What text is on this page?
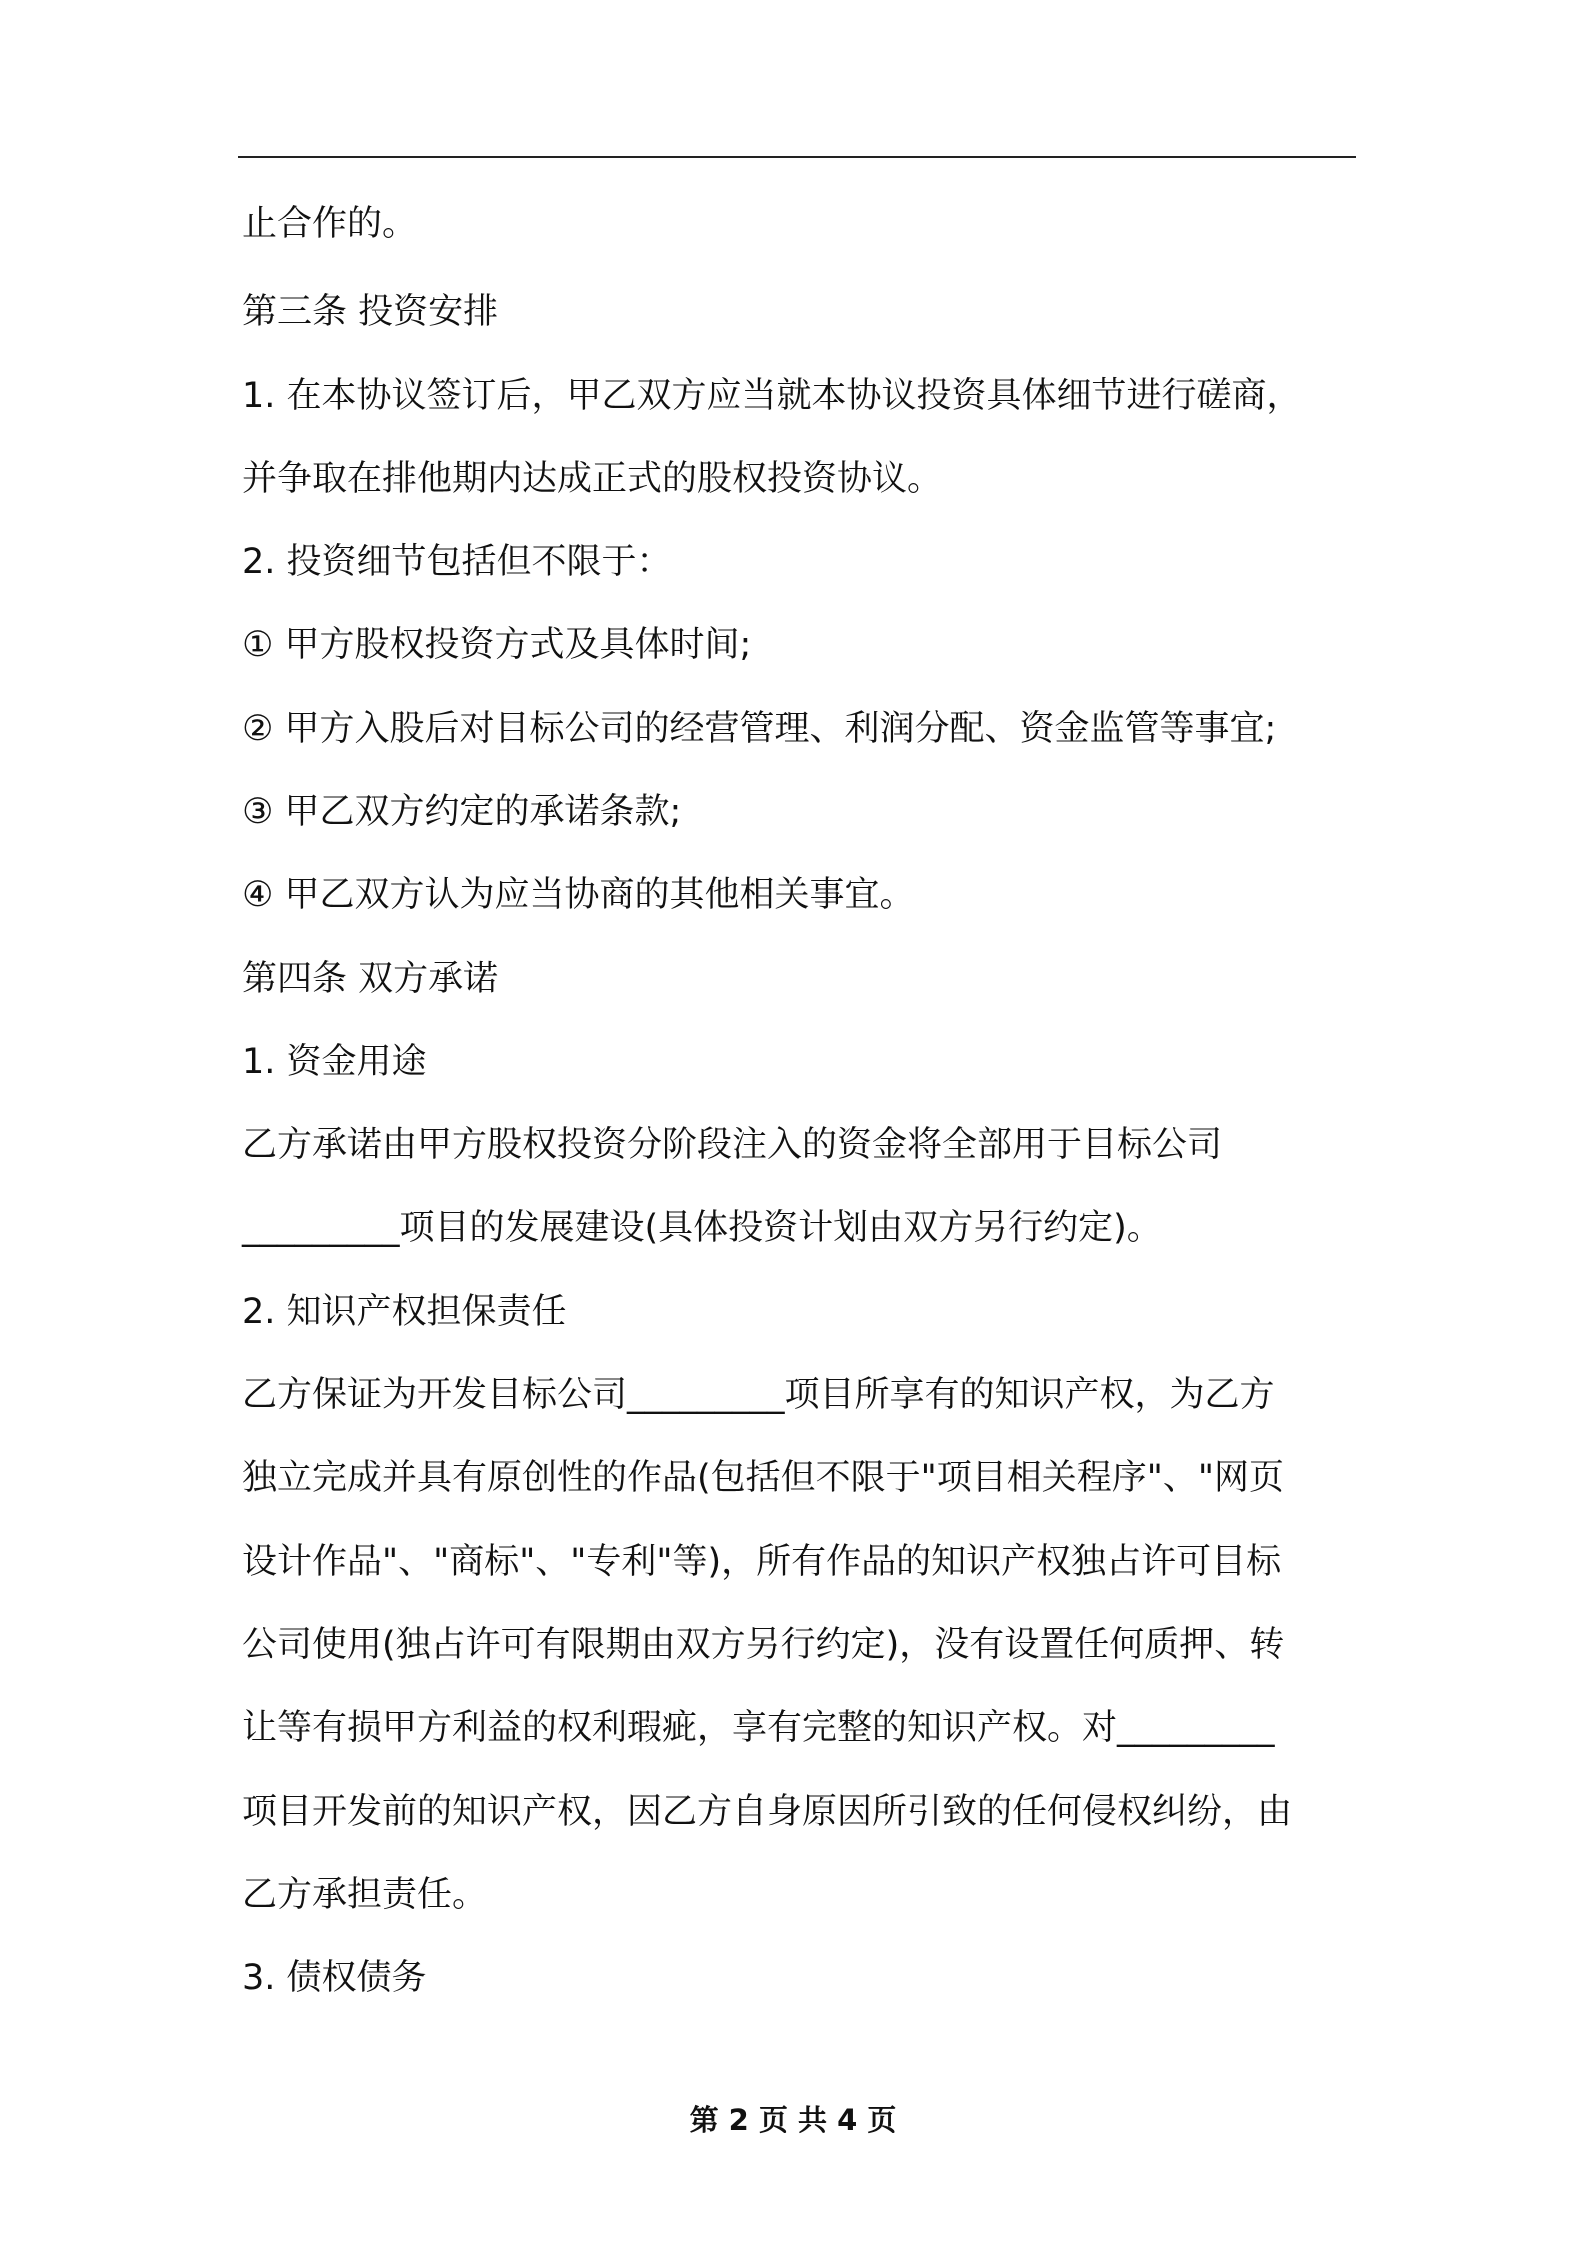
止合作的。
第三条 投资安排
1. 在本协议签订后，甲乙双方应当就本协议投资具体细节进行磋商，
并争取在排他期内达成正式的股权投资协议。
2. 投资细节包括但不限于：
① 甲方股权投资方式及具体时间;
② 甲方入股后对目标公司的经营管理、利润分配、资金监管等事宜;
③ 甲乙双方约定的承诺条款;
④ 甲乙双方认为应当协商的其他相关事宜。
第四条 双方承诺
1. 资金用途
乙方承诺由甲方股权投资分阶段注入的资金将全部用于目标公司
_________项目的发展建设(具体投资计划由双方另行约定)。
2. 知识产权担保责任
乙方保证为开发目标公司_________项目所享有的知识产权，为乙方
独立完成并具有原创性的作品(包括但不限于"项目相关程序"、"网页
设计作品"、"商标"、"专利"等)，所有作品的知识产权独占许可目标
公司使用(独占许可有限期由双方另行约定)，没有设置任何质押、转
让等有损甲方利益的权利瑕疵，享有完整的知识产权。对_________
项目开发前的知识产权，因乙方自身原因所引致的任何侵权纠纷，由
乙方承担责任。
3. 债权债务
第 2 页 共 4 页
